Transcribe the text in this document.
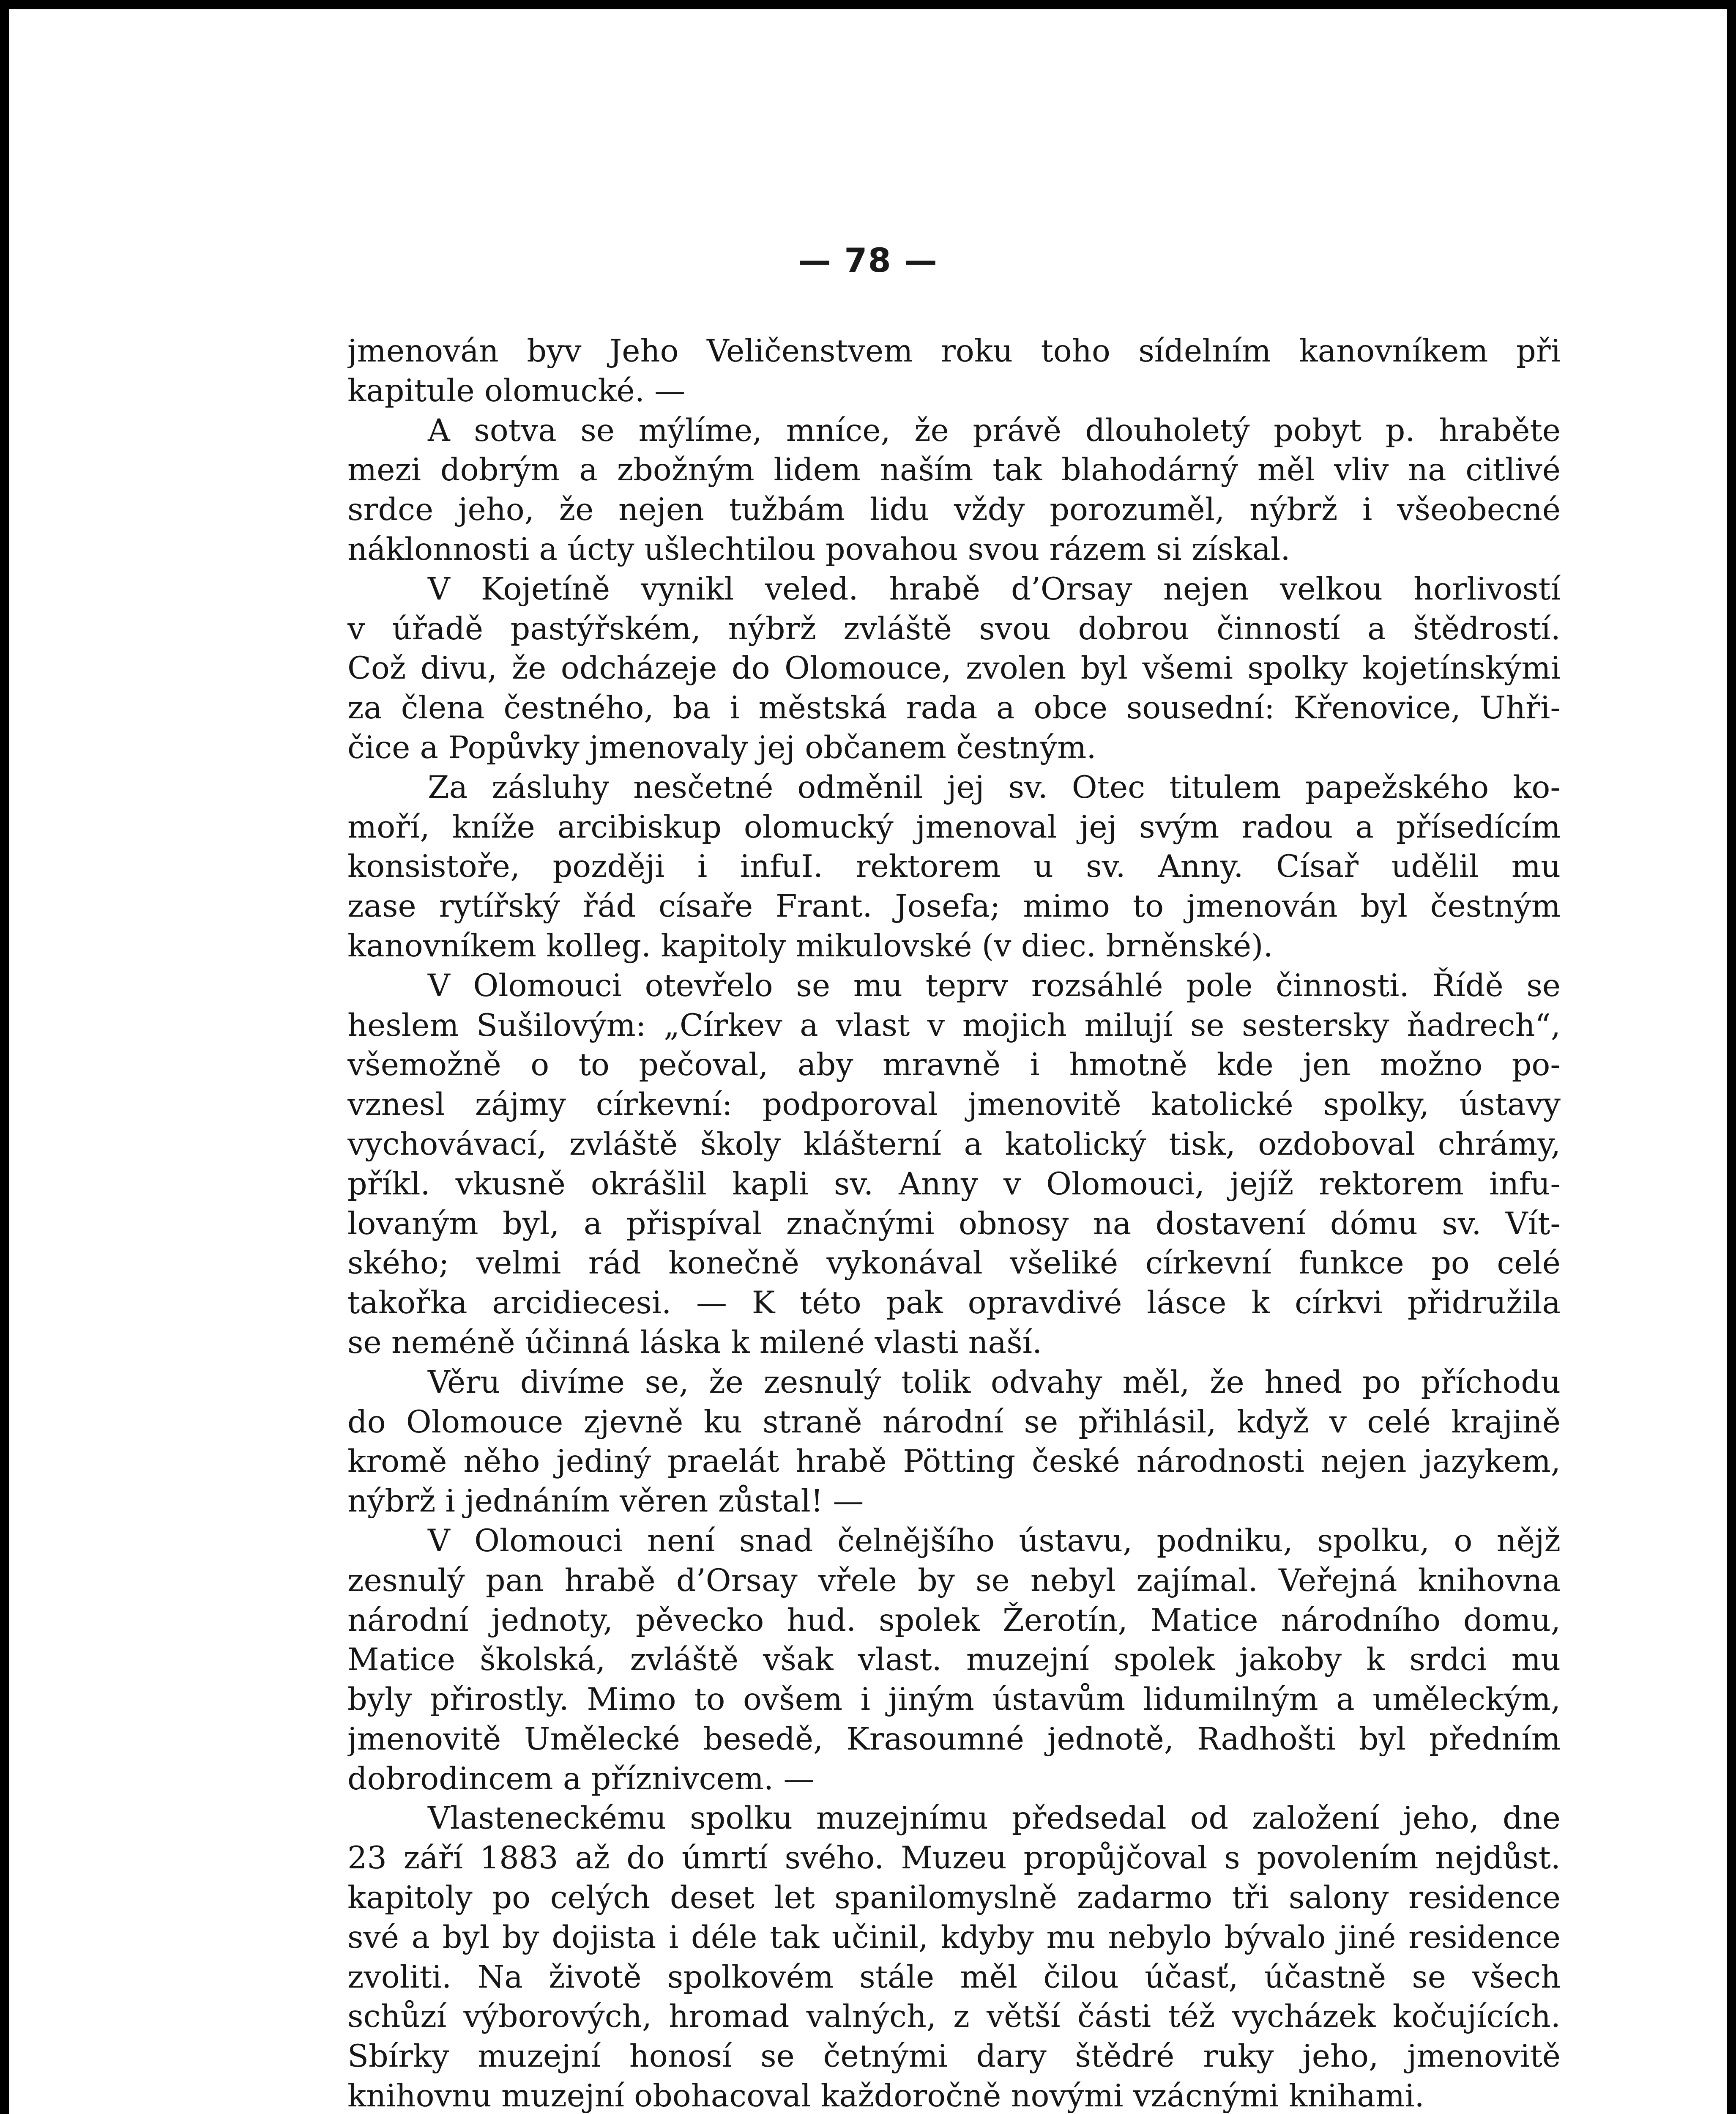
— 78 —
jmenován byv Jeho Veličenstvem roku toho sídelním kanovníkem při
kapitule olomucké. —
A sotva se mýlíme, mníce, že právě dlouholetý pobyt p. hraběte
mezi dobrým a zbožným lidem naším tak blahodárný měl vliv na citlivé
srdce jeho, že nejen tužbám lidu vždy porozuměl, nýbrž i všeobecné
náklonnosti a úcty ušlechtilou povahou svou rázem si získal.
V Kojetíně vynikl veled. hrabě d’Orsay nejen velkou horlivostí
v úřadě pastýřském, nýbrž zvláště svou dobrou činností a štědrostí.
Což divu, že odcházeje do Olomouce, zvolen byl všemi spolky kojetínskými
za člena čestného, ba i městská rada a obce sousední: Křenovice, Uhři-
čice a Popůvky jmenovaly jej občanem čestným.
Za zásluhy nesčetné odměnil jej sv. Otec titulem papežského ko-
moří, kníže arcibiskup olomucký jmenoval jej svým radou a přísedícím
konsistoře, později i infuI. rektorem u sv. Anny. Císař udělil mu
zase rytířský řád císaře Frant. Josefa; mimo to jmenován byl čestným
kanovníkem kolleg. kapitoly mikulovské (v diec. brněnské).
V Olomouci otevřelo se mu teprv rozsáhlé pole činnosti. Řídě se
heslem Sušilovým: „Církev a vlast v mojich milují se sestersky ňadrech“,
všemožně o to pečoval, aby mravně i hmotně kde jen možno po-
vznesl zájmy církevní: podporoval jmenovitě katolické spolky, ústavy
vychovávací, zvláště školy klášterní a katolický tisk, ozdoboval chrámy,
příkl. vkusně okrášlil kapli sv. Anny v Olomouci, jejíž rektorem infu-
lovaným byl, a přispíval značnými obnosy na dostavení dómu sv. Vít-
ského; velmi rád konečně vykonával všeliké církevní funkce po celé
takořka arcidiecesi. — K této pak opravdivé lásce k církvi přidružila
se neméně účinná láska k milené vlasti naší.
Věru divíme se, že zesnulý tolik odvahy měl, že hned po příchodu
do Olomouce zjevně ku straně národní se přihlásil, když v celé krajině
kromě něho jediný praelát hrabě Pötting české národnosti nejen jazykem,
nýbrž i jednáním věren zůstal! —
V Olomouci není snad čelnějšího ústavu, podniku, spolku, o nějž
zesnulý pan hrabě d’Orsay vřele by se nebyl zajímal. Veřejná knihovna
národní jednoty, pěvecko hud. spolek Žerotín, Matice národního domu,
Matice školská, zvláště však vlast. muzejní spolek jakoby k srdci mu
byly přirostly. Mimo to ovšem i jiným ústavům lidumilným a uměleckým,
jmenovitě Umělecké besedě, Krasoumné jednotě, Radhošti byl předním
dobrodincem a příznivcem. —
Vlasteneckému spolku muzejnímu předsedal od založení jeho, dne
23 září 1883 až do úmrtí svého. Muzeu propůjčoval s povolením nejdůst.
kapitoly po celých deset let spanilomyslně zadarmo tři salony residence
své a byl by dojista i déle tak učinil, kdyby mu nebylo bývalo jiné residence
zvoliti. Na životě spolkovém stále měl čilou účasť, účastně se všech
schůzí výborových, hromad valných, z větší části též vycházek kočujících.
Sbírky muzejní honosí se četnými dary štědré ruky jeho, jmenovitě
knihovnu muzejní obohacoval každoročně novými vzácnými knihami.
